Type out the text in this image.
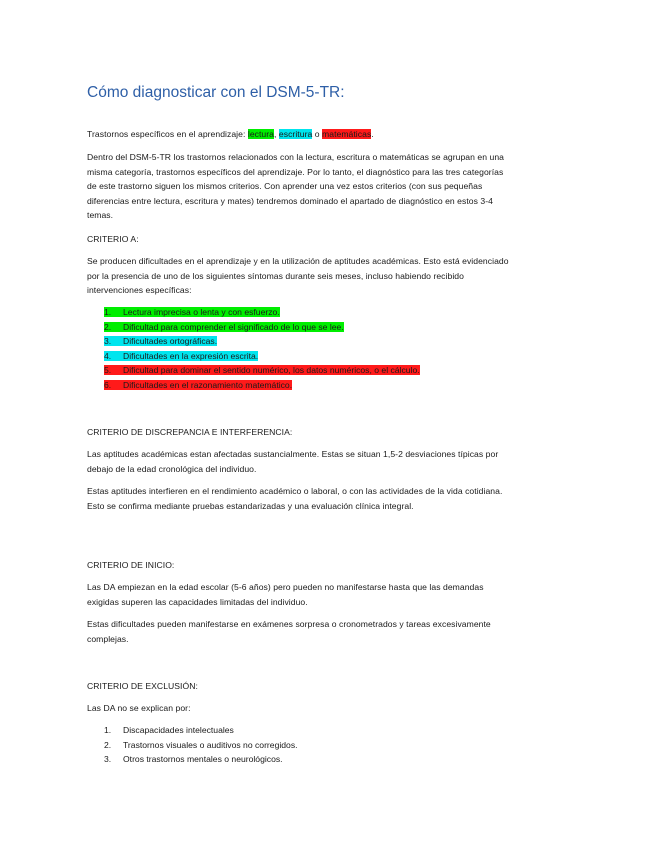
Cómo diagnosticar con el DSM-5-TR:

Trastornos específicos en el aprendizaje: lectura, escritura o matemáticas.

Dentro del DSM-5-TR los trastornos relacionados con la lectura, escritura o matemáticas se agrupan en una misma categoría, trastornos específicos del aprendizaje. Por lo tanto, el diagnóstico para las tres categorías de este trastorno siguen los mismos criterios. Con aprender una vez estos criterios (con sus pequeñas diferencias entre lectura, escritura y mates) tendremos dominado el apartado de diagnóstico en estos 3-4 temas.

CRITERIO A:

Se producen dificultades en el aprendizaje y en la utilización de aptitudes académicas. Esto está evidenciado por la presencia de uno de los siguientes síntomas durante seis meses, incluso habiendo recibido intervenciones específicas:

1. Lectura imprecisa o lenta y con esfuerzo.
2. Dificultad para comprender el significado de lo que se lee.
3. Dificultades ortográficas.
4. Dificultades en la expresión escrita.
5. Dificultad para dominar el sentido numérico, los datos numéricos, o el cálculo.
6. Dificultades en el razonamiento matemático.

CRITERIO DE DISCREPANCIA E INTERFERENCIA:

Las aptitudes académicas estan afectadas sustancialmente. Estas se situan 1,5-2 desviaciones típicas por debajo de la edad cronológica del individuo.

Estas aptitudes interfieren en el rendimiento académico o laboral, o con las actividades de la vida cotidiana. Esto se confirma mediante pruebas estandarizadas y una evaluación clínica integral.

CRITERIO DE INICIO:

Las DA empiezan en la edad escolar (5-6 años) pero pueden no manifestarse hasta que las demandas exigidas superen las capacidades limitadas del individuo.

Estas dificultades pueden manifestarse en exámenes sorpresa o cronometrados y tareas excesivamente complejas.

CRITERIO DE EXCLUSIÓN:

Las DA no se explican por:

1. Discapacidades intelectuales
2. Trastornos visuales o auditivos no corregidos.
3. Otros trastornos mentales o neurológicos.
